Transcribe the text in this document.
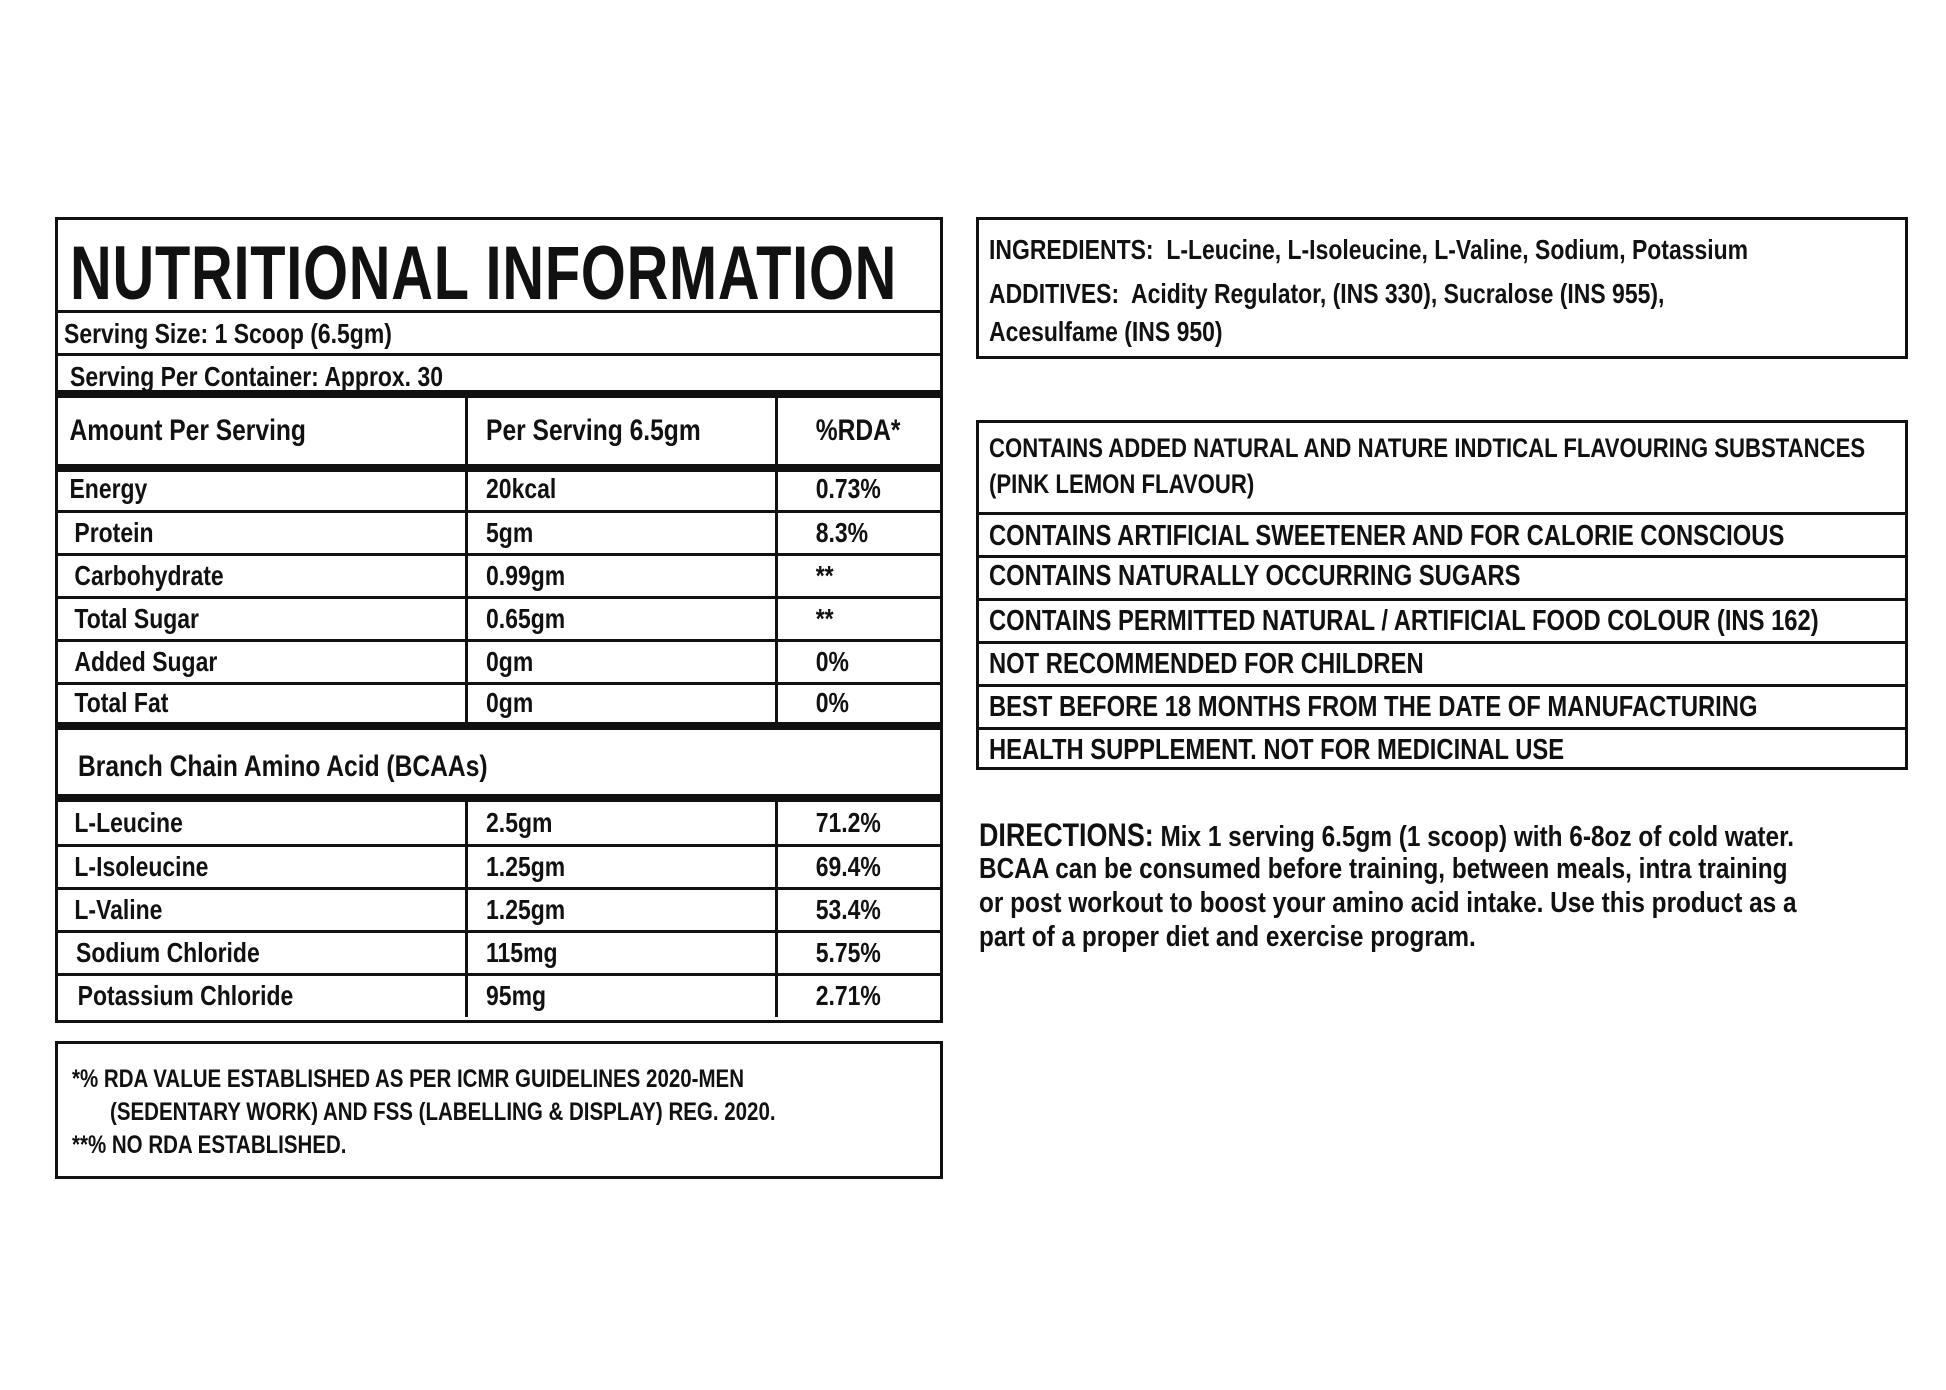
NUTRITIONAL INFORMATION
Serving Size: 1 Scoop (6.5gm)
Serving Per Container: Approx. 30
Amount Per Serving	Per Serving 6.5gm	%RDA*
Energy	20kcal	0.73%
Protein	5gm	8.3%
Carbohydrate	0.99gm	**
Total Sugar	0.65gm	**
Added Sugar	0gm	0%
Total Fat	0gm	0%
Branch Chain Amino Acid (BCAAs)
L-Leucine	2.5gm	71.2%
L-Isoleucine	1.25gm	69.4%
L-Valine	1.25gm	53.4%
Sodium Chloride	115mg	5.75%
Potassium Chloride	95mg	2.71%
*% RDA VALUE ESTABLISHED AS PER ICMR GUIDELINES 2020-MEN
(SEDENTARY WORK) AND FSS (LABELLING & DISPLAY) REG. 2020.
**% NO RDA ESTABLISHED.
INGREDIENTS: L-Leucine, L-Isoleucine, L-Valine, Sodium, Potassium
ADDITIVES: Acidity Regulator, (INS 330), Sucralose (INS 955),
Acesulfame (INS 950)
CONTAINS ADDED NATURAL AND NATURE INDTICAL FLAVOURING SUBSTANCES
(PINK LEMON FLAVOUR)
CONTAINS ARTIFICIAL SWEETENER AND FOR CALORIE CONSCIOUS
CONTAINS NATURALLY OCCURRING SUGARS
CONTAINS PERMITTED NATURAL / ARTIFICIAL FOOD COLOUR (INS 162)
NOT RECOMMENDED FOR CHILDREN
BEST BEFORE 18 MONTHS FROM THE DATE OF MANUFACTURING
HEALTH SUPPLEMENT. NOT FOR MEDICINAL USE
DIRECTIONS: Mix 1 serving 6.5gm (1 scoop) with 6-8oz of cold water.
BCAA can be consumed before training, between meals, intra training
or post workout to boost your amino acid intake. Use this product as a
part of a proper diet and exercise program.
